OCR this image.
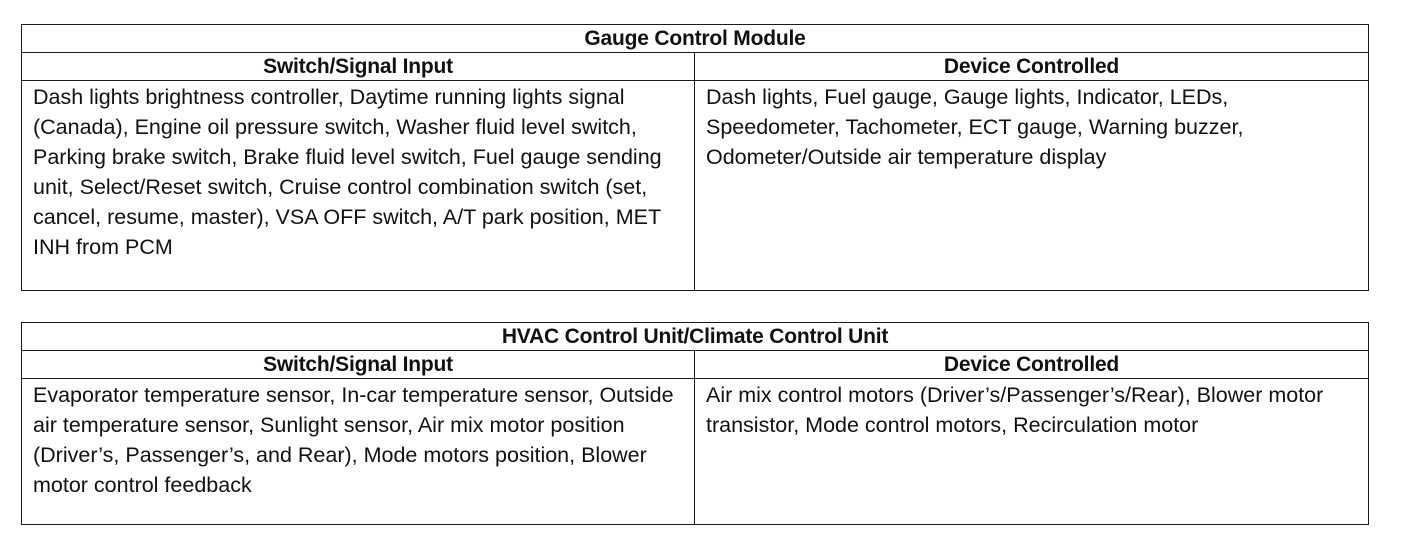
Gauge Control Module	
Switch/Signal Input	Device Controlled
Dash lights brightness controller, Daytime running lights signal (Canada), Engine oil pressure switch, Washer fluid level switch, Parking brake switch, Brake fluid level switch, Fuel gauge sending unit, Select/Reset switch, Cruise control combination switch (set, cancel, resume, master), VSA OFF switch, A/T park position, MET INH from PCM	Dash lights, Fuel gauge, Gauge lights, Indicator, LEDs, Speedometer, Tachometer, ECT gauge, Warning buzzer, Odometer/Outside air temperature display
HVAC Control Unit/Climate Control Unit	
Switch/Signal Input	Device Controlled
Evaporator temperature sensor, In-car temperature sensor, Outside air temperature sensor, Sunlight sensor, Air mix motor position (Driver’s, Passenger’s, and Rear), Mode motors position, Blower motor control feedback	Air mix control motors (Driver’s/Passenger’s/Rear), Blower motor transistor, Mode control motors, Recirculation motor
